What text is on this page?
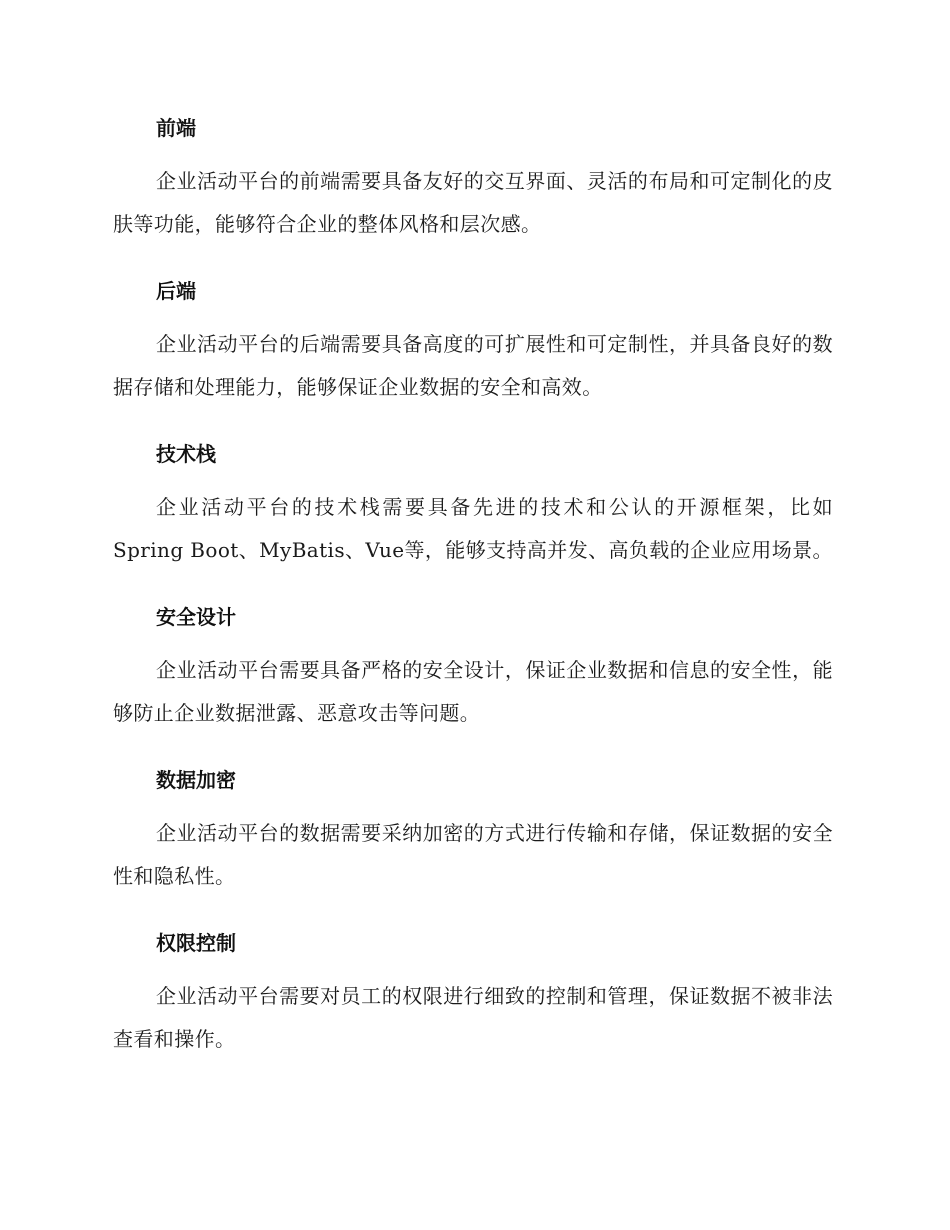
前端

企业活动平台的前端需要具备友好的交互界面、灵活的布局和可定制化的皮肤等功能，能够符合企业的整体风格和层次感。

后端

企业活动平台的后端需要具备高度的可扩展性和可定制性，并具备良好的数据存储和处理能力，能够保证企业数据的安全和高效。

技术栈

企业活动平台的技术栈需要具备先进的技术和公认的开源框架，比如Spring Boot、MyBatis、Vue等，能够支持高并发、高负载的企业应用场景。

安全设计

企业活动平台需要具备严格的安全设计，保证企业数据和信息的安全性，能够防止企业数据泄露、恶意攻击等问题。

数据加密

企业活动平台的数据需要采纳加密的方式进行传输和存储，保证数据的安全性和隐私性。

权限控制

企业活动平台需要对员工的权限进行细致的控制和管理，保证数据不被非法查看和操作。
